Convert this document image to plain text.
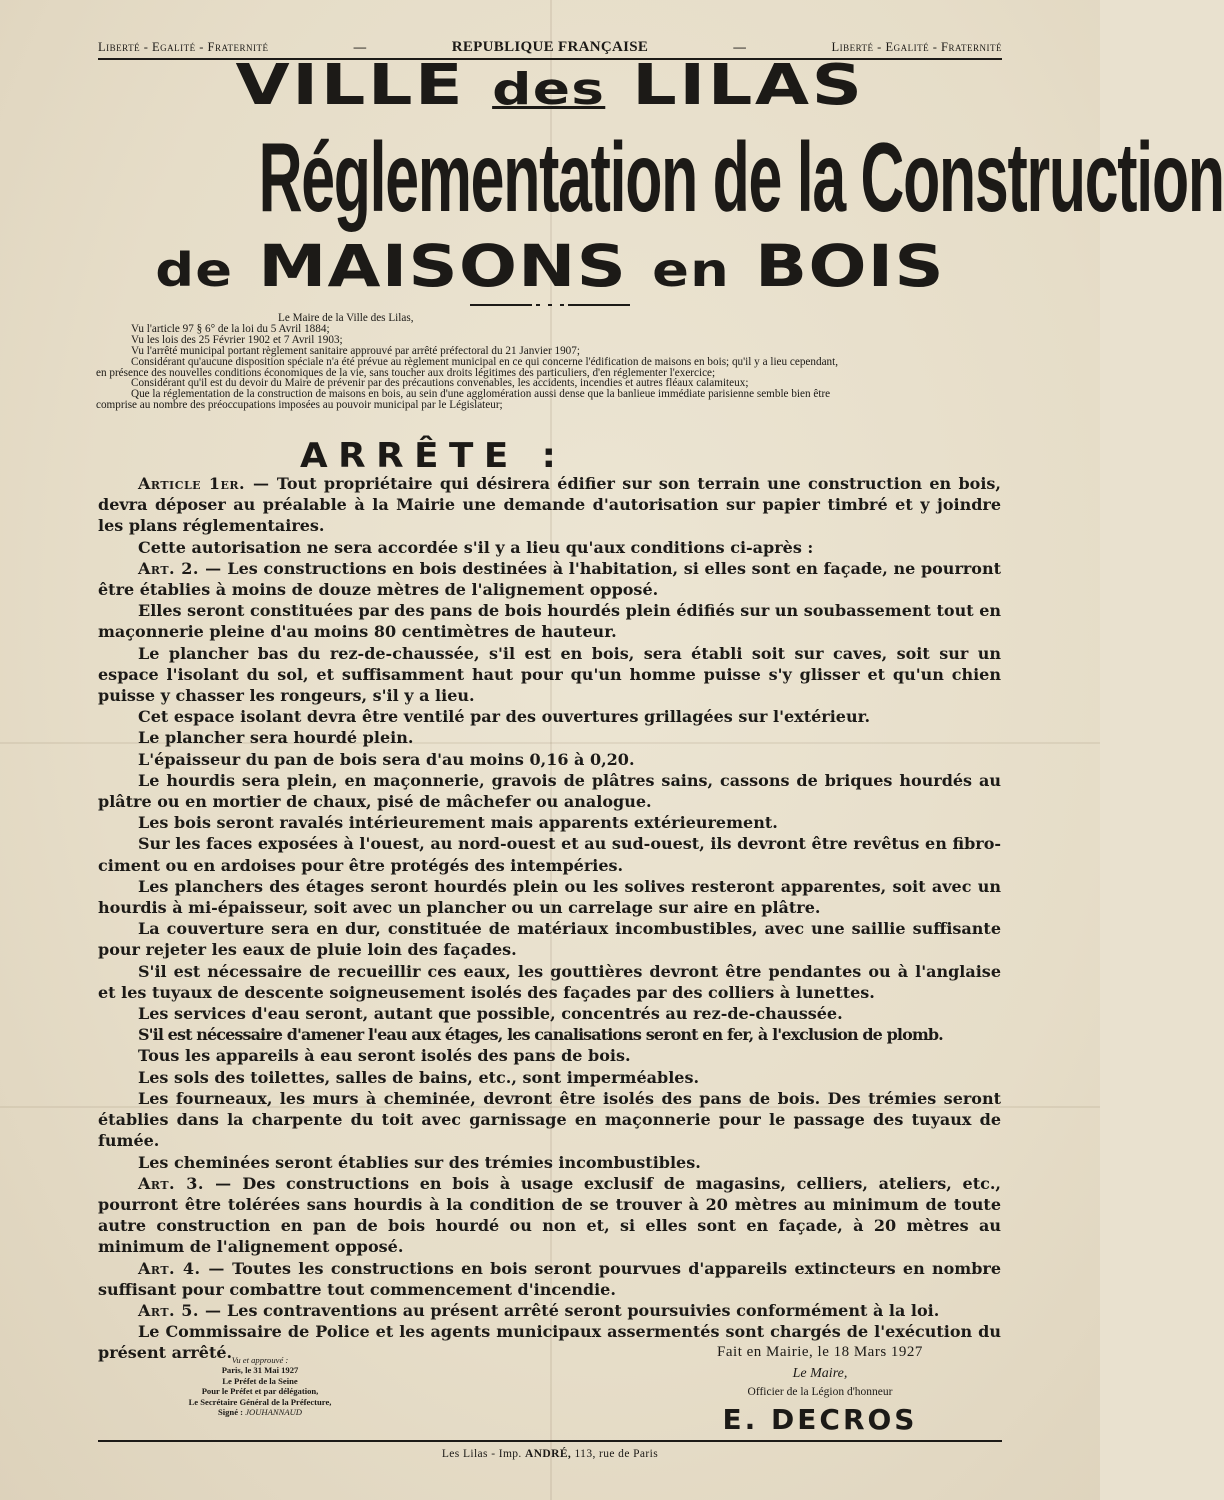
Liberté - Egalité - Fraternité	—	REPUBLIQUE FRANÇAISE	—	Liberté - Egalité - Fraternité
VILLE des LILAS
Réglementation de la Construction
de MAISONS en BOIS

Le Maire de la Ville des Lilas,

Vu l'article 97 § 6° de la loi du 5 Avril 1884;

Vu les lois des 25 Février 1902 et 7 Avril 1903;

Vu l'arrêté municipal portant règlement sanitaire approuvé par arrêté préfectoral du 21 Janvier 1907;

Considérant qu'aucune disposition spéciale n'a été prévue au règlement municipal en ce qui concerne l'édification de maisons en bois; qu'il y a lieu cependant,

en présence des nouvelles conditions économiques de la vie, sans toucher aux droits légitimes des particuliers, d'en réglementer l'exercice;

Considérant qu'il est du devoir du Maire de prévenir par des précautions convenables, les accidents, incendies et autres fléaux calamiteux;

Que la réglementation de la construction de maisons en bois, au sein d'une agglomération aussi dense que la banlieue immédiate parisienne semble bien être

comprise au nombre des préoccupations imposées au pouvoir municipal par le Législateur;

ARRÊTE :

Article 1er. — Tout propriétaire qui désirera édifier sur son terrain une construction en bois, devra déposer au préalable à la Mairie une demande d'autorisation sur papier timbré et y joindre les plans réglementaires.

Cette autorisation ne sera accordée s'il y a lieu qu'aux conditions ci-après :

Art. 2. — Les constructions en bois destinées à l'habitation, si elles sont en façade, ne pourront être établies à moins de douze mètres de l'alignement opposé.

Elles seront constituées par des pans de bois hourdés plein édifiés sur un soubassement tout en maçonnerie pleine d'au moins 80 centimètres de hauteur.

Le plancher bas du rez-de-chaussée, s'il est en bois, sera établi soit sur caves, soit sur un espace l'isolant du sol, et suffisamment haut pour qu'un homme puisse s'y glisser et qu'un chien puisse y chasser les rongeurs, s'il y a lieu.

Cet espace isolant devra être ventilé par des ouvertures grillagées sur l'extérieur.

Le plancher sera hourdé plein.

L'épaisseur du pan de bois sera d'au moins 0,16 à 0,20.

Le hourdis sera plein, en maçonnerie, gravois de plâtres sains, cassons de briques hourdés au plâtre ou en mortier de chaux, pisé de mâchefer ou analogue.

Les bois seront ravalés intérieurement mais apparents extérieurement.

Sur les faces exposées à l'ouest, au nord-ouest et au sud-ouest, ils devront être revêtus en fibro-ciment ou en ardoises pour être protégés des intempéries.

Les planchers des étages seront hourdés plein ou les solives resteront apparentes, soit avec un hourdis à mi-épaisseur, soit avec un plancher ou un carrelage sur aire en plâtre.

La couverture sera en dur, constituée de matériaux incombustibles, avec une saillie suffisante pour rejeter les eaux de pluie loin des façades.

S'il est nécessaire de recueillir ces eaux, les gouttières devront être pendantes ou à l'anglaise et les tuyaux de descente soigneusement isolés des façades par des colliers à lunettes.

Les services d'eau seront, autant que possible, concentrés au rez-de-chaussée.

S'il est nécessaire d'amener l'eau aux étages, les canalisations seront en fer, à l'exclusion de plomb.

Tous les appareils à eau seront isolés des pans de bois.

Les sols des toilettes, salles de bains, etc., sont imperméables.

Les fourneaux, les murs à cheminée, devront être isolés des pans de bois. Des trémies seront établies dans la charpente du toit avec garnissage en maçonnerie pour le passage des tuyaux de fumée.

Les cheminées seront établies sur des trémies incombustibles.

Art. 3. — Des constructions en bois à usage exclusif de magasins, celliers, ateliers, etc., pourront être tolérées sans hourdis à la condition de se trouver à 20 mètres au minimum de toute autre construction en pan de bois hourdé ou non et, si elles sont en façade, à 20 mètres au minimum de l'alignement opposé.

Art. 4. — Toutes les constructions en bois seront pourvues d'appareils extincteurs en nombre suffisant pour combattre tout commencement d'incendie.

Art. 5. — Les contraventions au présent arrêté seront poursuivies conformément à la loi.

Le Commissaire de Police et les agents municipaux assermentés sont chargés de l'exécution du présent arrêté. Vu et approuvé :
Paris, le 31 Mai 1927
Le Préfet de la Seine
Pour le Préfet et par délégation,
Le Secrétaire Général de la Préfecture,
Signé : JOUHANNAUD
Fait en Mairie, le 18 Mars 1927
Le Maire,
Officier de la Légion d'honneur
E. DECROS
Les Lilas - Imp. ANDRÉ, 113, rue de Paris
